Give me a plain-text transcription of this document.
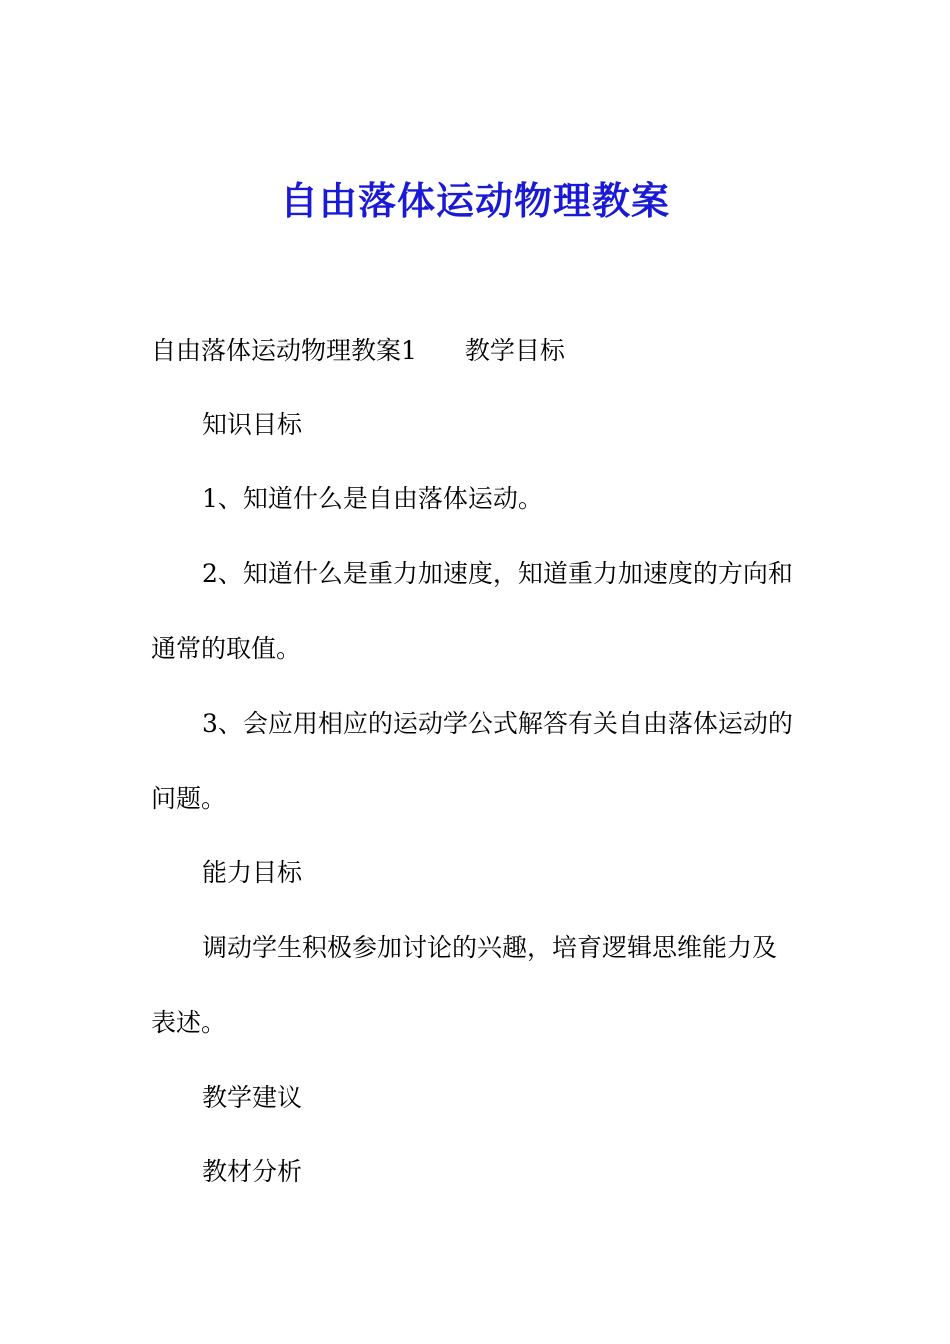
自由落体运动物理教案

自由落体运动物理教案1 教学目标

知识目标

1、知道什么是自由落体运动。

2、知道什么是重力加速度，知道重力加速度的方向和

通常的取值。

3、会应用相应的运动学公式解答有关自由落体运动的

问题。

能力目标

调动学生积极参加讨论的兴趣，培育逻辑思维能力及

表述。

教学建议

教材分析
